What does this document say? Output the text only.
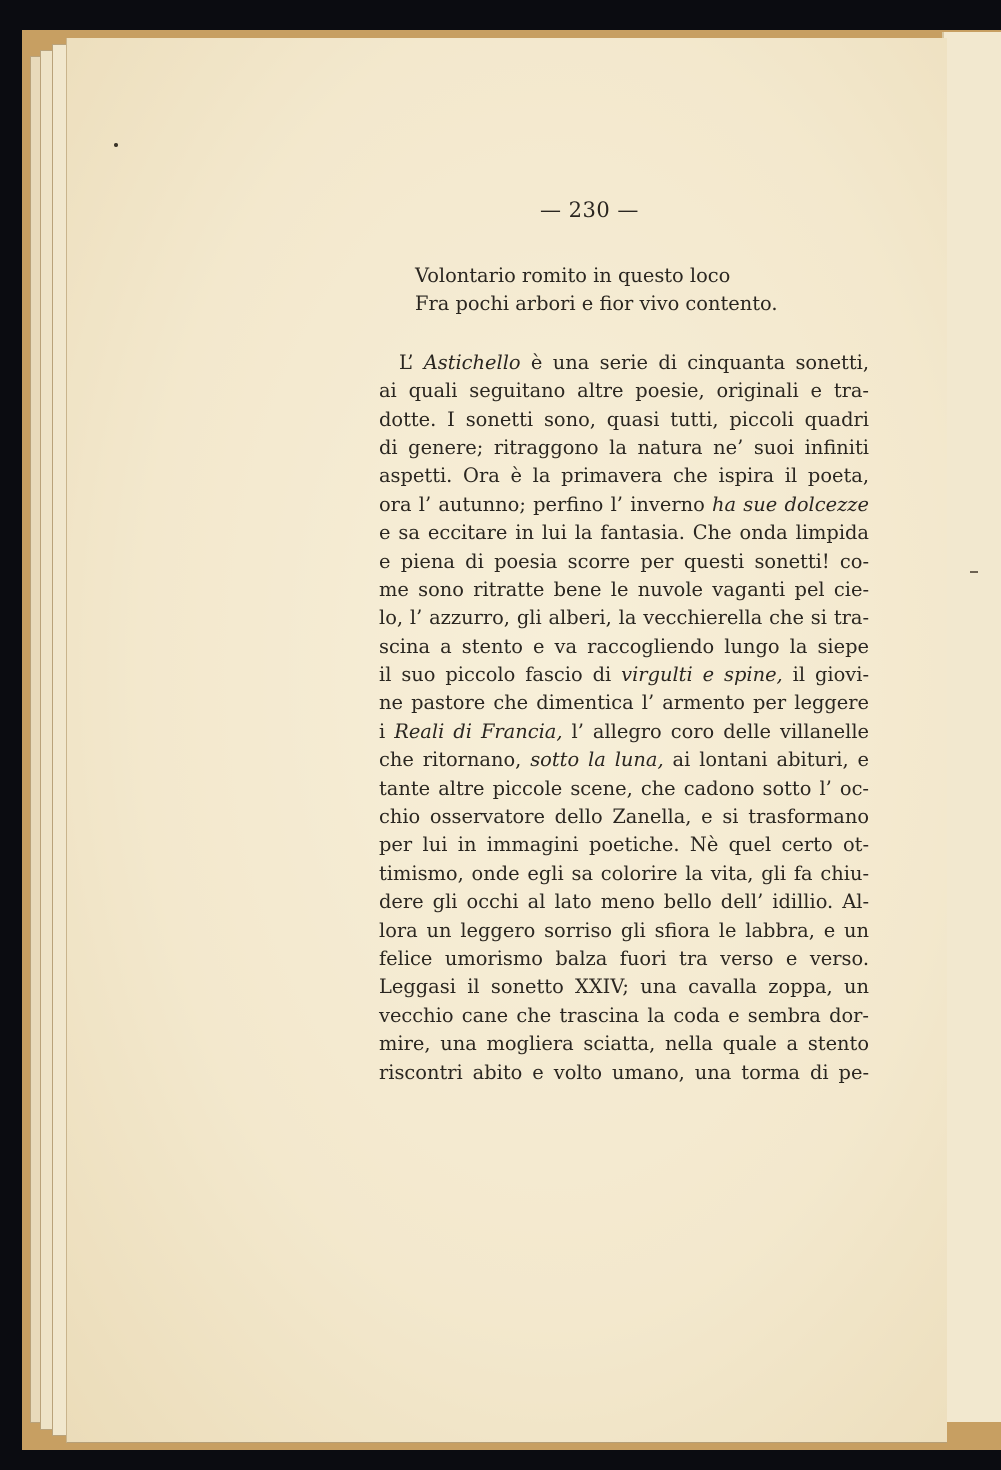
— 230 —
Volontario romito in questo loco
Fra pochi arbori e fior vivo contento.
L’ Astichello è una serie di cinquanta sonetti,
ai quali seguitano altre poesie, originali e tra-
dotte. I sonetti sono, quasi tutti, piccoli quadri
di genere; ritraggono la natura ne’ suoi infiniti
aspetti. Ora è la primavera che ispira il poeta,
ora l’ autunno; perfino l’ inverno ha sue dolcezze
e sa eccitare in lui la fantasia. Che onda limpida
e piena di poesia scorre per questi sonetti! co-
me sono ritratte bene le nuvole vaganti pel cie-
lo, l’ azzurro, gli alberi, la vecchierella che si tra-
scina a stento e va raccogliendo lungo la siepe
il suo piccolo fascio di virgulti e spine, il giovi-
ne pastore che dimentica l’ armento per leggere
i Reali di Francia, l’ allegro coro delle villanelle
che ritornano, sotto la luna, ai lontani abituri, e
tante altre piccole scene, che cadono sotto l’ oc-
chio osservatore dello Zanella, e si trasformano
per lui in immagini poetiche. Nè quel certo ot-
timismo, onde egli sa colorire la vita, gli fa chiu-
dere gli occhi al lato meno bello dell’ idillio. Al-
lora un leggero sorriso gli sfiora le labbra, e un
felice umorismo balza fuori tra verso e verso.
Leggasi il sonetto XXIV; una cavalla zoppa, un
vecchio cane che trascina la coda e sembra dor-
mire, una mogliera sciatta, nella quale a stento
riscontri abito e volto umano, una torma di pe-
